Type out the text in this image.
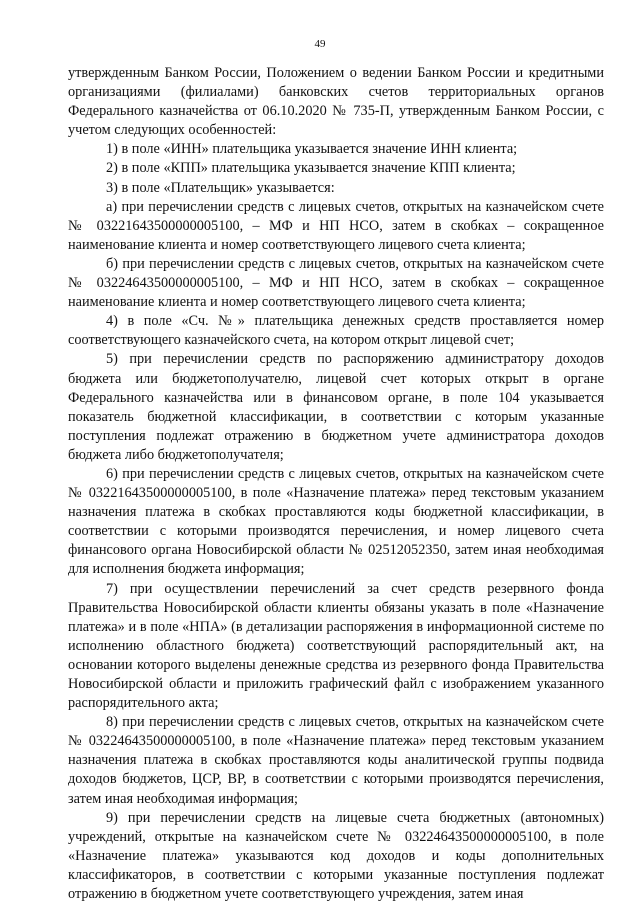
49

утвержденным Банком России, Положением о ведении Банком России и кредитными организациями (филиалами) банковских счетов территориальных органов Федерального казначейства от 06.10.2020 № 735-П, утвержденным Банком России, с учетом следующих особенностей:

1) в поле «ИНН» плательщика указывается значение ИНН клиента;

2) в поле «КПП» плательщика указывается значение КПП клиента;

3) в поле «Плательщик» указывается:

а) при перечислении средств с лицевых счетов, открытых на казначейском счете № 03221643500000005100, – МФ и НП НСО, затем в скобках – сокращенное наименование клиента и номер соответствующего лицевого счета клиента;

б) при перечислении средств с лицевых счетов, открытых на казначейском счете № 03224643500000005100, – МФ и НП НСО, затем в скобках – сокращенное наименование клиента и номер соответствующего лицевого счета клиента;

4) в поле «Сч. №» плательщика денежных средств проставляется номер соответствующего казначейского счета, на котором открыт лицевой счет;

5) при перечислении средств по распоряжению администратору доходов бюджета или бюджетополучателю, лицевой счет которых открыт в органе Федерального казначейства или в финансовом органе, в поле 104 указывается показатель бюджетной классификации, в соответствии с которым указанные поступления подлежат отражению в бюджетном учете администратора доходов бюджета либо бюджетополучателя;

6) при перечислении средств с лицевых счетов, открытых на казначейском счете № 03221643500000005100, в поле «Назначение платежа» перед текстовым указанием назначения платежа в скобках проставляются коды бюджетной классификации, в соответствии с которыми производятся перечисления, и номер лицевого счета финансового органа Новосибирской области № 02512052350, затем иная необходимая для исполнения бюджета информация;

7) при осуществлении перечислений за счет средств резервного фонда Правительства Новосибирской области клиенты обязаны указать в поле «Назначение платежа» и в поле «НПА» (в детализации распоряжения в информационной системе по исполнению областного бюджета) соответствующий распорядительный акт, на основании которого выделены денежные средства из резервного фонда Правительства Новосибирской области и приложить графический файл с изображением указанного распорядительного акта;

8) при перечислении средств с лицевых счетов, открытых на казначейском счете № 03224643500000005100, в поле «Назначение платежа» перед текстовым указанием назначения платежа в скобках проставляются коды аналитической группы подвида доходов бюджетов, ЦСР, ВР, в соответствии с которыми производятся перечисления, затем иная необходимая информация;

9) при перечислении средств на лицевые счета бюджетных (автономных) учреждений, открытые на казначейском счете № 03224643500000005100, в поле «Назначение платежа» указываются код доходов и коды дополнительных классификаторов, в соответствии с которыми указанные поступления подлежат отражению в бюджетном учете соответствующего учреждения, затем иная
